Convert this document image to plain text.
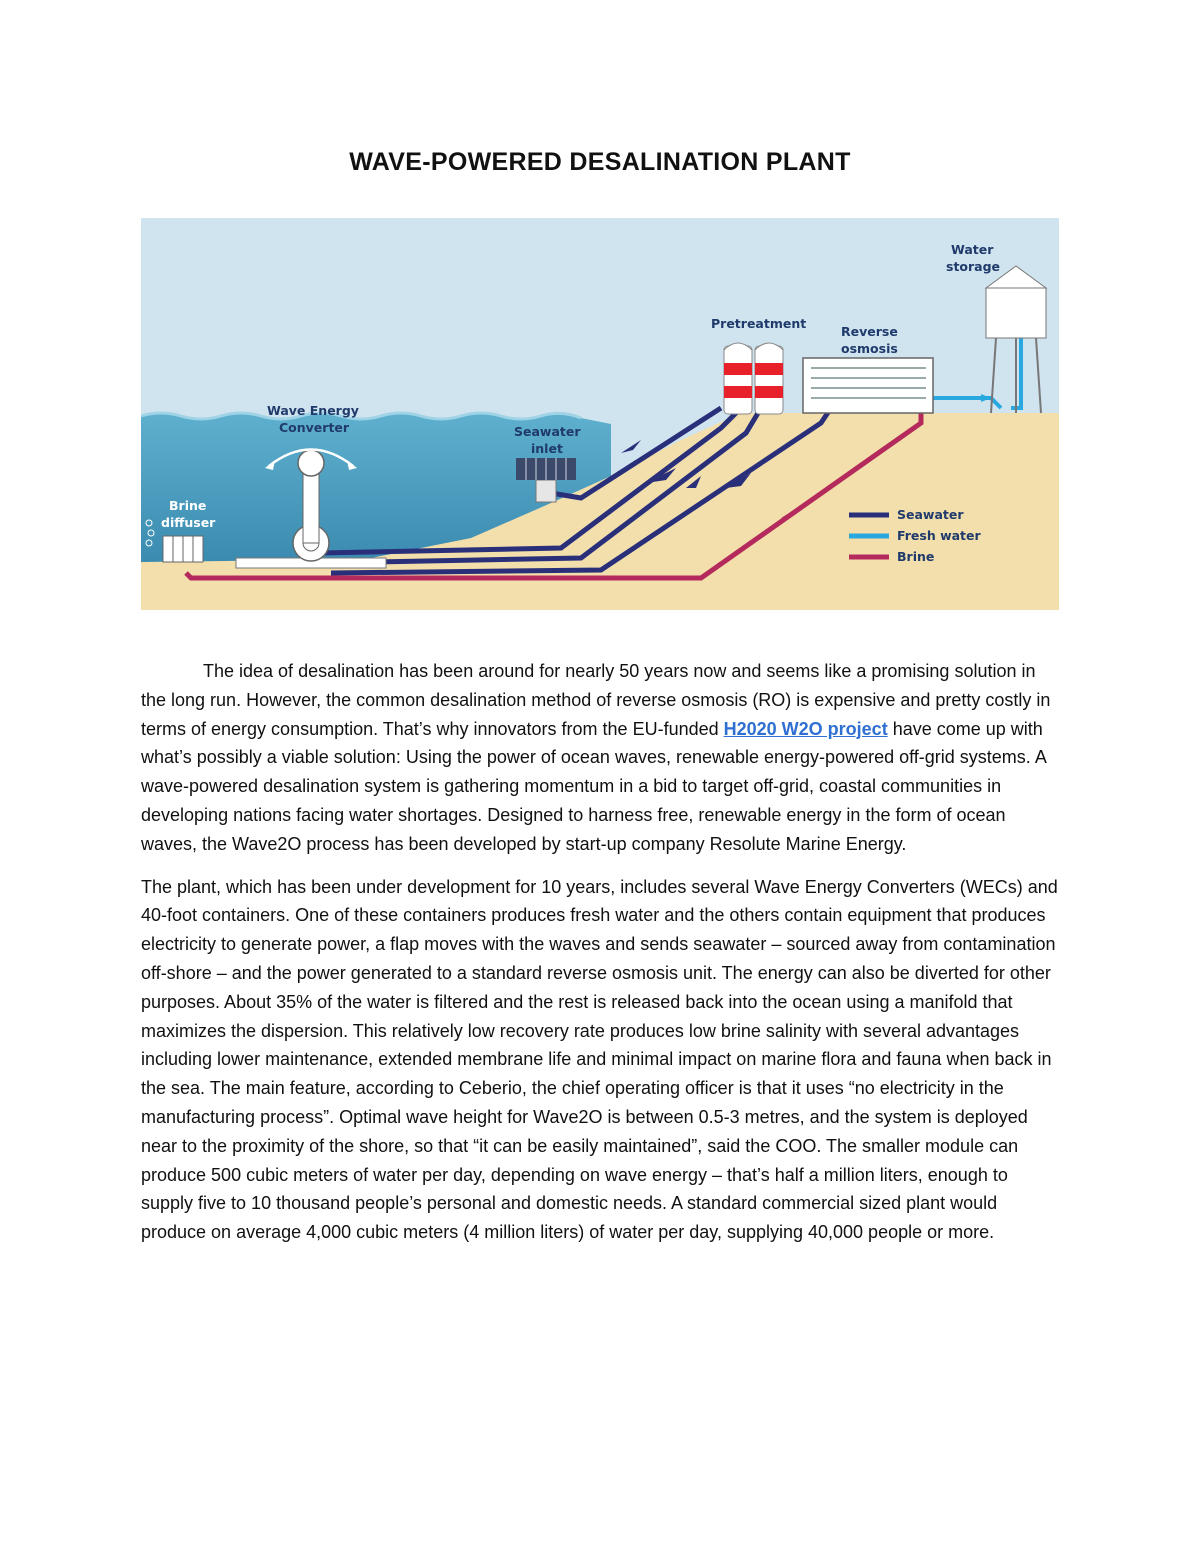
WAVE-POWERED DESALINATION PLANT
Water
storage
Pretreatment
Reverse
osmosis
Wave Energy
Converter	Seawater
inlet
Brine
diffuser
Seawater
Fresh water
Brine

The idea of desalination has been around for nearly 50 years now and seems like a promising solution in the long run. However, the common desalination method of reverse osmosis (RO) is expensive and pretty costly in terms of energy consumption. That’s why innovators from the EU-funded H2020 W2O project have come up with what’s possibly a viable solution: Using the power of ocean waves, renewable energy-powered off-grid systems. A wave-powered desalination system is gathering momentum in a bid to target off-grid, coastal communities in developing nations facing water shortages. Designed to harness free, renewable energy in the form of ocean waves, the Wave2O process has been developed by start-up company Resolute Marine Energy.

The plant, which has been under development for 10 years, includes several Wave Energy Converters (WECs) and 40-foot containers. One of these containers produces fresh water and the others contain equipment that produces electricity to generate power, a flap moves with the waves and sends seawater – sourced away from contamination off-shore – and the power generated to a standard reverse osmosis unit. The energy can also be diverted for other purposes. About 35% of the water is filtered and the rest is released back into the ocean using a manifold that maximizes the dispersion. This relatively low recovery rate produces low brine salinity with several advantages including lower maintenance, extended membrane life and minimal impact on marine flora and fauna when back in the sea. The main feature, according to Ceberio, the chief operating officer is that it uses “no electricity in the manufacturing process”. Optimal wave height for Wave2O is between 0.5-3 metres, and the system is deployed near to the proximity of the shore, so that “it can be easily maintained”, said the COO. The smaller module can produce 500 cubic meters of water per day, depending on wave energy – that’s half a million liters, enough to supply five to 10 thousand people’s personal and domestic needs. A standard commercial sized plant would produce on average 4,000 cubic meters (4 million liters) of water per day, supplying 40,000 people or more.
